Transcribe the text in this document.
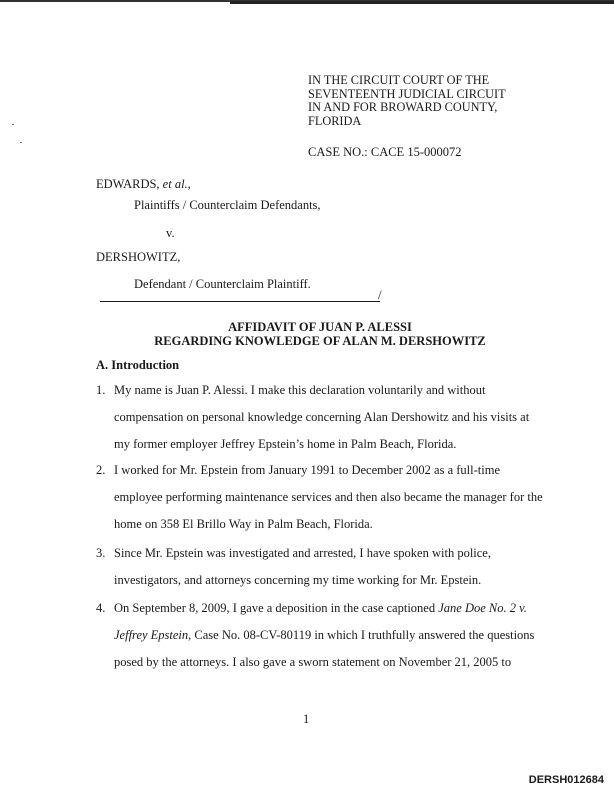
IN THE CIRCUIT COURT OF THE
SEVENTEENTH JUDICIAL CIRCUIT
IN AND FOR BROWARD COUNTY,
FLORIDA
CASE NO.: CACE 15-000072
EDWARDS, et al.,
Plaintiffs / Counterclaim Defendants,
v.
DERSHOWITZ,
Defendant / Counterclaim Plaintiff.
/
AFFIDAVIT OF JUAN P. ALESSI
REGARDING KNOWLEDGE OF ALAN M. DERSHOWITZ
A. Introduction
1. My name is Juan P. Alessi. I make this declaration voluntarily and without
compensation on personal knowledge concerning Alan Dershowitz and his visits at
my former employer Jeffrey Epstein’s home in Palm Beach, Florida.
2. I worked for Mr. Epstein from January 1991 to December 2002 as a full-time
employee performing maintenance services and then also became the manager for the
home on 358 El Brillo Way in Palm Beach, Florida.
3. Since Mr. Epstein was investigated and arrested, I have spoken with police,
investigators, and attorneys concerning my time working for Mr. Epstein.
4. On September 8, 2009, I gave a deposition in the case captioned Jane Doe No. 2 v.
Jeffrey Epstein, Case No. 08-CV-80119 in which I truthfully answered the questions
posed by the attorneys. I also gave a sworn statement on November 21, 2005 to
1
DERSH012684
